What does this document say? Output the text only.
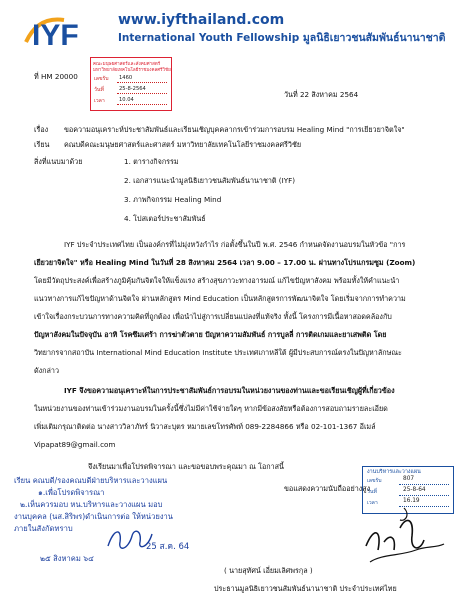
IYF	www.iyfthailand.com
International Youth Fellowship มูลนิธิเยาวชนสัมพันธ์นานาชาติ
ที่ HM 20000
คณะมนุษยศาสตร์และสังคมศาสตร์
มหาวิทยาลัยเทคโนโลยีราชมงคลศรีวิชัย
เลขรับ 1460
วันที่	25-8-2564
เวลา	10.04
วันที่ 22 สิงหาคม 2564
เรื่อง ขอความอนุเคราะห์ประชาสัมพันธ์และเรียนเชิญบุคคลากรเข้าร่วมการอบรม Healing Mind "การเยียวยาจิตใจ"
เรียน คณบดีคณะมนุษยศาสตร์และศาสตร์ มหาวิทยาลัยเทคโนโลยีราชมงคลศรีวิชัย
สิ่งที่แนบมาด้วย	1. ตารางกิจกรรม
2. เอกสารแนะนำมูลนิธิเยาวชนสัมพันธ์นานาชาติ (IYF)
3. ภาพกิจกรรม Healing Mind
4. โปสเตอร์ประชาสัมพันธ์
IYF ประจำประเทศไทย เป็นองค์กรที่ไม่มุ่งหวังกำไร ก่อตั้งขึ้นในปี พ.ศ. 2546 กำหนดจัดงานอบรมในหัวข้อ "การ
เยียวยาจิตใจ" หรือ Healing Mind ในวันที่ 28 สิงหาคม 2564 เวลา 9.00 – 17.00 น. ผ่านทางโปรแกรมซูม (Zoom)
โดยมีวัตถุประสงค์เพื่อสร้างภูมิคุ้มกันจิตใจให้แข็งแรง สร้างสุขภาวะทางอารมณ์ แก้ไขปัญหาสังคม พร้อมทั้งให้คำแนะนำ
แนวทางการแก้ไขปัญหาด้านจิตใจ ผ่านหลักสูตร Mind Education เป็นหลักสูตรการพัฒนาจิตใจ โดยเริ่มจากการทำความ
เข้าใจเรื่องกระบวนการทางความคิดที่ถูกต้อง เพื่อนำไปสู่การเปลี่ยนแปลงที่แท้จริง ทั้งนี้ โครงการมีเนื้อหาสอดคล้องกับ
ปัญหาสังคมในปัจจุบัน อาทิ โรคซึมเศร้า การฆ่าตัวตาย ปัญหาความสัมพันธ์ การบูลลี่ การติดเกมและยาเสพติด โดย
วิทยากรจากสถาบัน International Mind Education Institute ประเทศเกาหลีใต้ ผู้มีประสบการณ์ตรงในปัญหาลักษณะ
ดังกล่าว
IYF จึงขอความอนุเคราะห์ในการประชาสัมพันธ์การอบรมในหน่วยงานของท่านและขอเรียนเชิญผู้ที่เกี่ยวข้อง
ในหน่วยงานของท่านเข้าร่วมงานอบรมในครั้งนี้ซึ่งไม่มีค่าใช้จ่ายใดๆ หากมีข้อสงสัยหรือต้องการสอบถามรายละเอียด
เพิ่มเติมกรุณาติดต่อ นางสาววิลาภัทร์ นิวาสะบุตร หมายเลขโทรศัพท์ 089-2284866 หรือ 02-101-1367 อีเมล์
Vipapat89@gmail.com
จึงเรียนมาเพื่อโปรดพิจารณา และขอขอบพระคุณมา ณ โอกาสนี้
งานบริหารและวางแผน
เลขรับ	807
วันที่	25-8-64
เวลา	16.19
เรียน คณบดี/รองคณบดีฝ่ายบริหารและวางแผน
๑.เพื่อโปรดพิจารณา
๒.เห็นควรมอบ หน.บริหารและวางแผน มอบ
งานบุคคล (นส.สิริพร)ดำเนินการต่อ ให้หน่วยงาน
ภายในสังกัดทราบ
๒๕ สิงหาคม ๖๔
25 ส.ค. 64
ขอแสดงความนับถืออย่างสูง
( นายสุทัศน์ เอี่ยมเลิศพรกุล )
ประธานมูลนิธิเยาวชนสัมพันธ์นานาชาติ ประจำประเทศไทย
